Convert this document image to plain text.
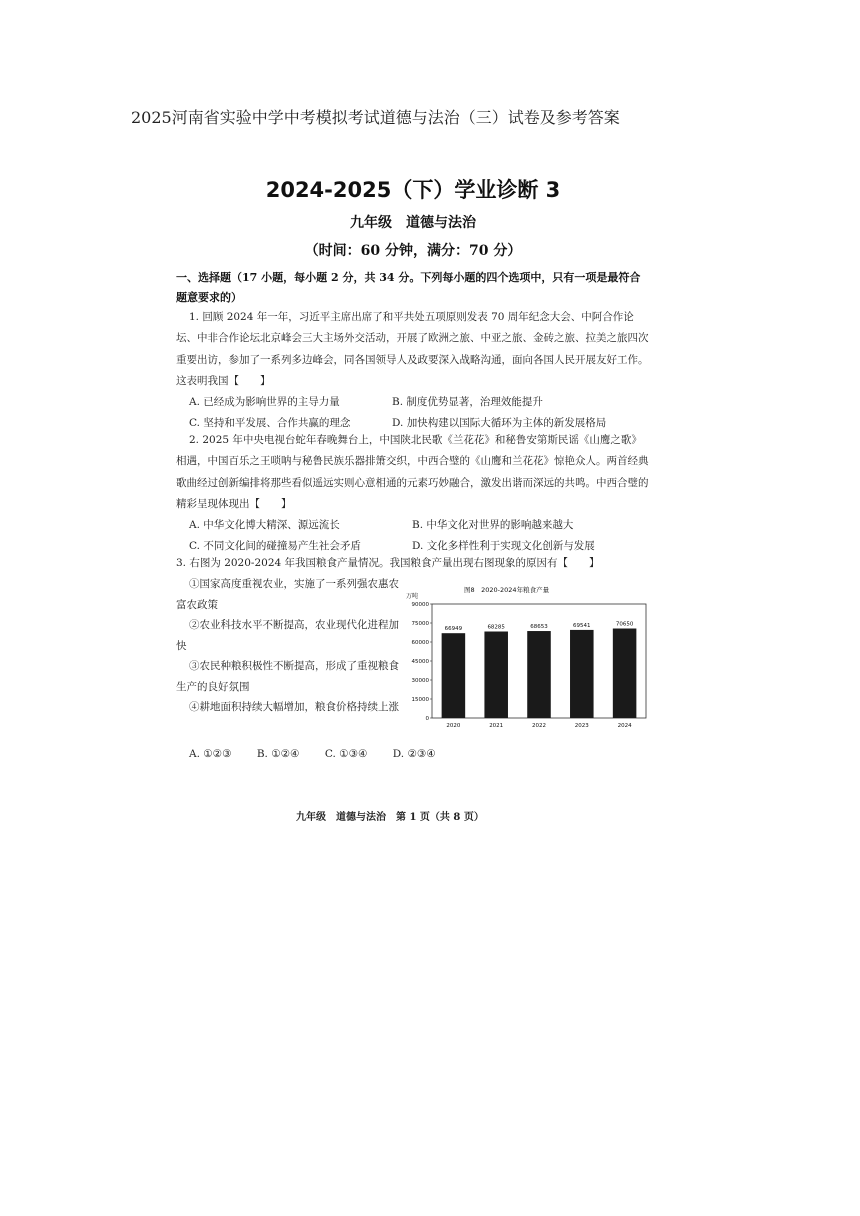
2025河南省实验中学中考模拟考试道德与法治（三）试卷及参考答案
2024-2025（下）学业诊断 3
九年级　道德与法治
（时间：60 分钟，满分：70 分）
一、选择题（17 小题，每小题 2 分，共 34 分。下列每小题的四个选项中，只有一项是最符合题意要求的）
1. 回顾 2024 年一年，习近平主席出席了和平共处五项原则发表 70 周年纪念大会、中阿合作论坛、中非合作论坛北京峰会三大主场外交活动，开展了欧洲之旅、中亚之旅、金砖之旅、拉美之旅四次重要出访，参加了一系列多边峰会，同各国领导人及政要深入战略沟通，面向各国人民开展友好工作。这表明我国【　　】
A. 已经成为影响世界的主导力量	B. 制度优势显著，治理效能提升
C. 坚持和平发展、合作共赢的理念	D. 加快构建以国际大循环为主体的新发展格局
2. 2025 年中央电视台蛇年春晚舞台上，中国陕北民歌《兰花花》和秘鲁安第斯民谣《山鹰之歌》相遇，中国百乐之王唢呐与秘鲁民族乐器排箫交织，中西合璧的《山鹰和兰花花》惊艳众人。两首经典歌曲经过创新编排将那些看似遥远实则心意相通的元素巧妙融合，激发出谐而深远的共鸣。中西合璧的精彩呈现体现出【　　】
A. 中华文化博大精深、源远流长	B. 中华文化对世界的影响越来越大
C. 不同文化间的碰撞易产生社会矛盾	D. 文化多样性利于实现文化创新与发展
3. 右图为 2020-2024 年我国粮食产量情况。我国粮食产量出现右图现象的原因有【　　】
①国家高度重视农业，实施了一系列强农惠农富农政策
②农业科技水平不断提高，农业现代化进程加快
③农民种粮积极性不断提高，形成了重视粮食生产的良好氛围
④耕地面积持续大幅增加，粮食价格持续上涨
图8　2020-2024年粮食产量
万吨
0
15000
30000
45000
60000
75000
90000
66949
2020
68285
2021
68653
2022
69541
2023
70650
2024
A. ①②③ B. ①②④ C. ①③④ D. ②③④
九年级　道德与法治　第 1 页（共 8 页）
